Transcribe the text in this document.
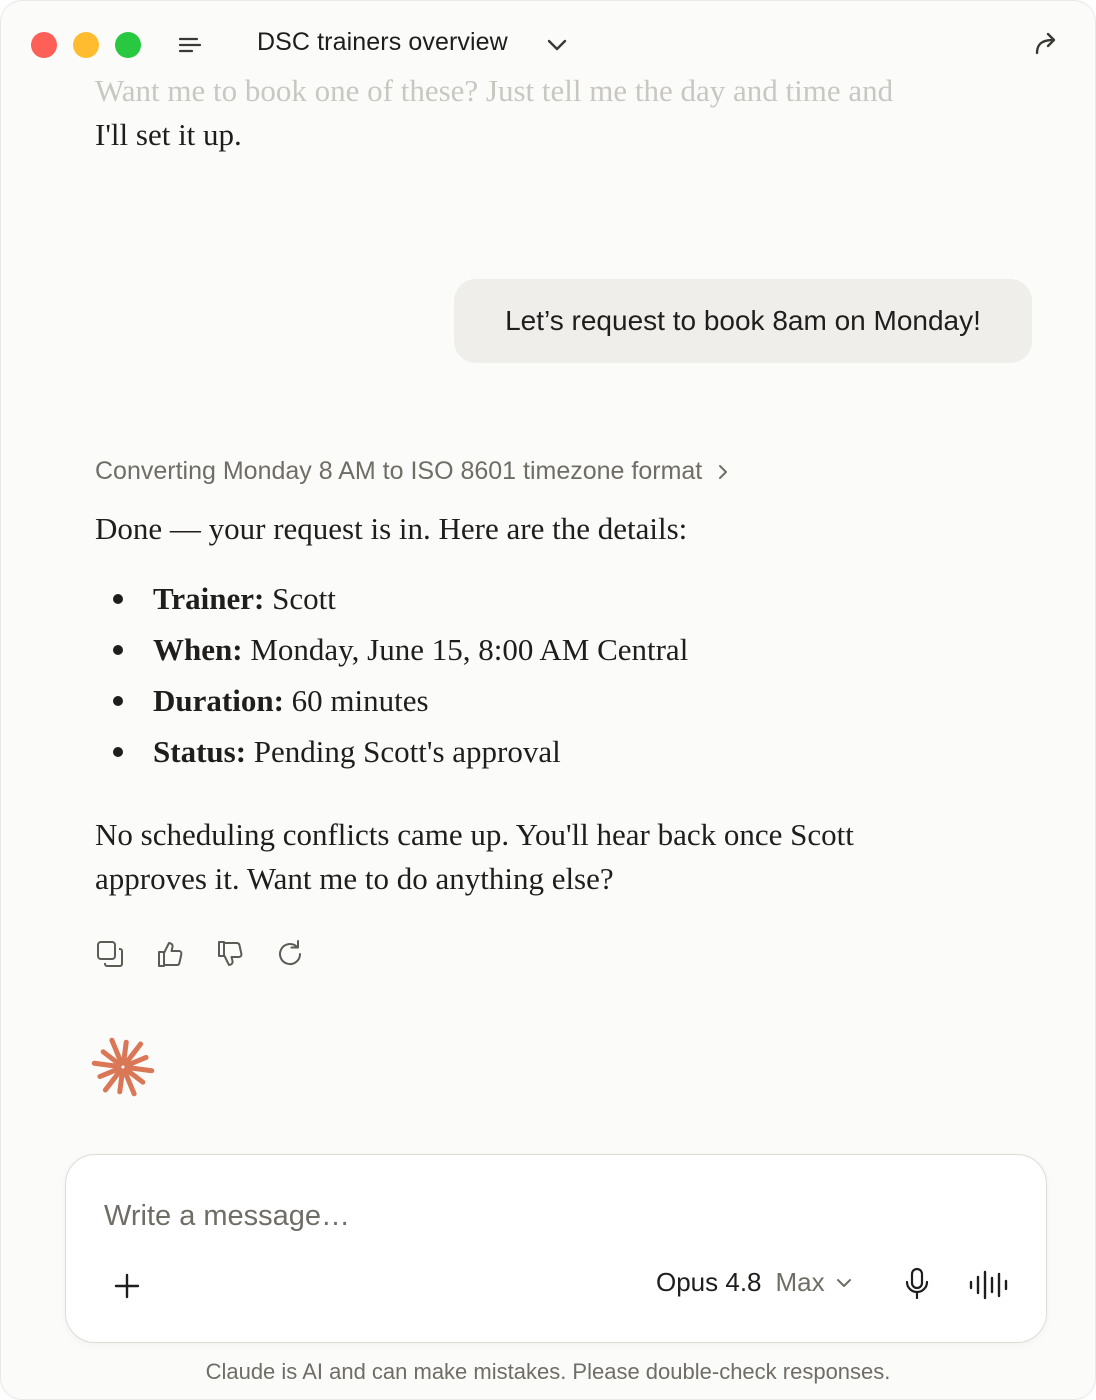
DSC trainers overview
Want me to book one of these? Just tell me the day and time and
I'll set it up.
Let’s request to book 8am on Monday!
Converting Monday 8 AM to ISO 8601 timezone format

Done — your request is in. Here are the details:

Trainer: Scott
When: Monday, June 15, 8:00 AM Central
Duration: 60 minutes
Status: Pending Scott's approval

No scheduling conflicts came up. You'll hear back once Scott
approves it. Want me to do anything else?

Write a message…
Opus 4.8 Max
Claude is AI and can make mistakes. Please double-check responses.
